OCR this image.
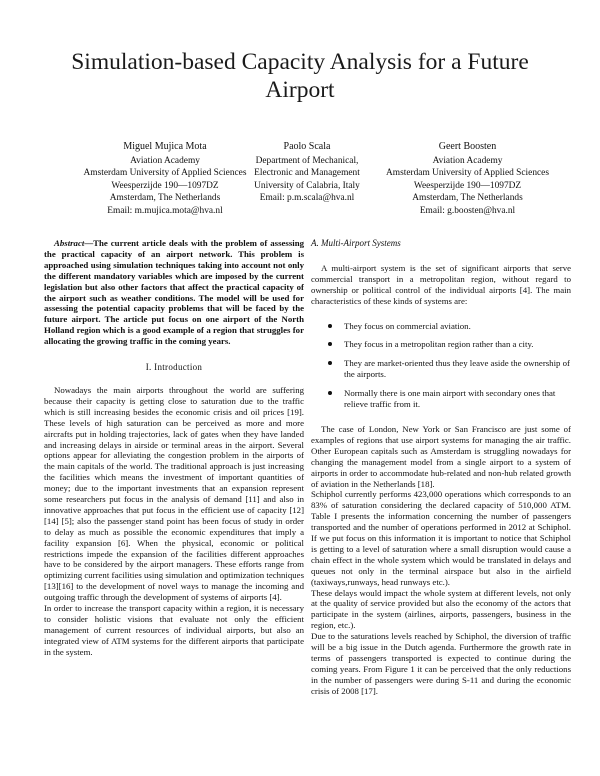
Simulation-based Capacity Analysis for a Future Airport
Miguel Mujica Mota
Aviation Academy
Amsterdam University of Applied Sciences
Weesperzijde 190—1097DZ
Amsterdam, The Netherlands
Email: m.mujica.mota@hva.nl
Paolo Scala
Department of Mechanical,
Electronic and Management
University of Calabria, Italy
Email: p.m.scala@hva.nl
Geert Boosten
Aviation Academy
Amsterdam University of Applied Sciences
Weesperzijde 190—1097DZ
Amsterdam, The Netherlands
Email: g.boosten@hva.nl

Abstract—The current article deals with the problem of assessing the practical capacity of an airport network. This problem is approached using simulation techniques taking into account not only the different mandatory variables which are imposed by the current legislation but also other factors that affect the practical capacity of the airport such as weather conditions. The model will be used for assessing the potential capacity problems that will be faced by the future airport. The article put focus on one airport of the North Holland region which is a good example of a region that struggles for allocating the growing traffic in the coming years.

I. Introduction

Nowadays the main airports throughout the world are suffering because their capacity is getting close to saturation due to the traffic which is still increasing besides the economic crisis and oil prices [19]. These levels of high saturation can be perceived as more and more aircrafts put in holding trajectories, lack of gates when they have landed and increasing delays in airside or terminal areas in the airport. Several options appear for alleviating the congestion problem in the airports of the main capitals of the world. The traditional approach is just increasing the facilities which means the investment of important quantities of money; due to the important investments that an expansion represent some researchers put focus in the analysis of demand [11] and also in innovative approaches that put focus in the efficient use of capacity [12] [14] [5]; also the passenger stand point has been focus of study in order to delay as much as possible the economic expenditures that imply a facility expansion [6]. When the physical, economic or political restrictions impede the expansion of the facilities different approaches have to be considered by the airport managers. These efforts range from optimizing current facilities using simulation and optimization techniques [13][16] to the development of novel ways to manage the incoming and outgoing traffic through the development of systems of airports [4].

In order to increase the transport capacity within a region, it is necessary to consider holistic visions that evaluate not only the efficient management of current resources of individual airports, but also an integrated view of ATM systems for the different airports that participate in the system.

A. Multi-Airport Systems

A multi-airport system is the set of significant airports that serve commercial transport in a metropolitan region, without regard to ownership or political control of the individual airports [4]. The main characteristics of these kinds of systems are:

They focus on commercial aviation.
They focus in a metropolitan region rather than a city.
They are market-oriented thus they leave aside the ownership of the airports.
Normally there is one main airport with secondary ones that relieve traffic from it.

The case of London, New York or San Francisco are just some of examples of regions that use airport systems for managing the air traffic. Other European capitals such as Amsterdam is struggling nowadays for changing the management model from a single airport to a system of airports in order to accommodate hub-related and non-hub related growth of aviation in the Netherlands [18].

Schiphol currently performs 423,000 operations which corresponds to an 83% of saturation considering the declared capacity of 510,000 ATM. Table I presents the information concerning the number of passengers transported and the number of operations performed in 2012 at Schiphol. If we put focus on this information it is important to notice that Schiphol is getting to a level of saturation where a small disruption would cause a chain effect in the whole system which would be translated in delays and queues not only in the terminal airspace but also in the airfield (taxiways,runways, head runways etc.).

These delays would impact the whole system at different levels, not only at the quality of service provided but also the economy of the actors that participate in the system (airlines, airports, passengers, business in the region, etc.).

Due to the saturations levels reached by Schiphol, the diversion of traffic will be a big issue in the Dutch agenda. Furthermore the growth rate in terms of passengers transported is expected to continue during the coming years. From Figure 1 it can be perceived that the only reductions in the number of passengers were during S-11 and during the economic crisis of 2008 [17].
